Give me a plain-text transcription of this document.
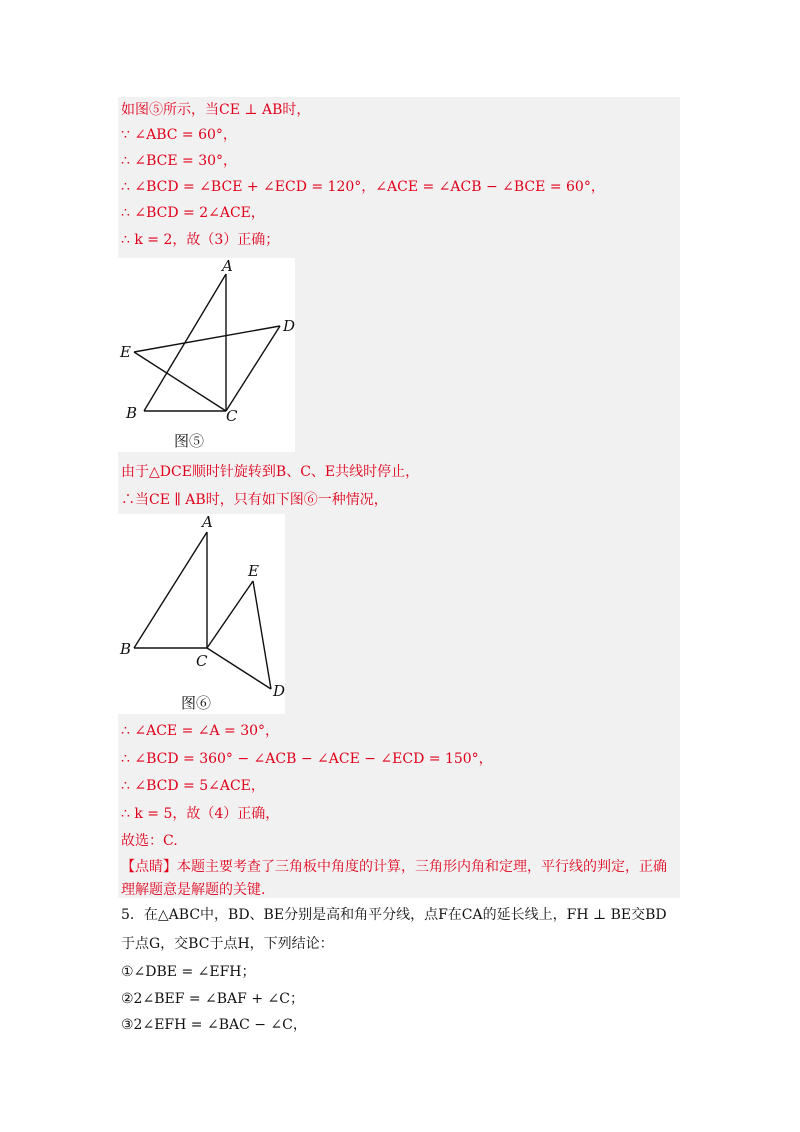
如图⑤所示，当CE ⊥ AB时，
∵ ∠ABC = 60°，
∴ ∠BCE = 30°，
∴ ∠BCD = ∠BCE + ∠ECD = 120°，∠ACE = ∠ACB − ∠BCE = 60°，
∴ ∠BCD = 2∠ACE，
∴ k = 2，故（3）正确；
A
B	C
D
E
图⑤
由于△DCE顺时针旋转到B、C、E共线时停止，
∴当CE ∥ AB时，只有如下图⑥一种情况，
A
B
C
D
E
图⑥
∴ ∠ACE = ∠A = 30°，
∴ ∠BCD = 360° − ∠ACB − ∠ACE − ∠ECD = 150°，
∴ ∠BCD = 5∠ACE，
∴ k = 5，故（4）正确，
故选：C.
【点睛】本题主要考查了三角板中角度的计算，三角形内角和定理，平行线的判定，正确
理解题意是解题的关键.
5．在△ABC中，BD、BE分别是高和角平分线，点F在CA的延长线上，FH ⊥ BE交BD
于点G，交BC于点H，下列结论：
①∠DBE = ∠EFH；
②2∠BEF = ∠BAF + ∠C；
③2∠EFH = ∠BAC − ∠C，
